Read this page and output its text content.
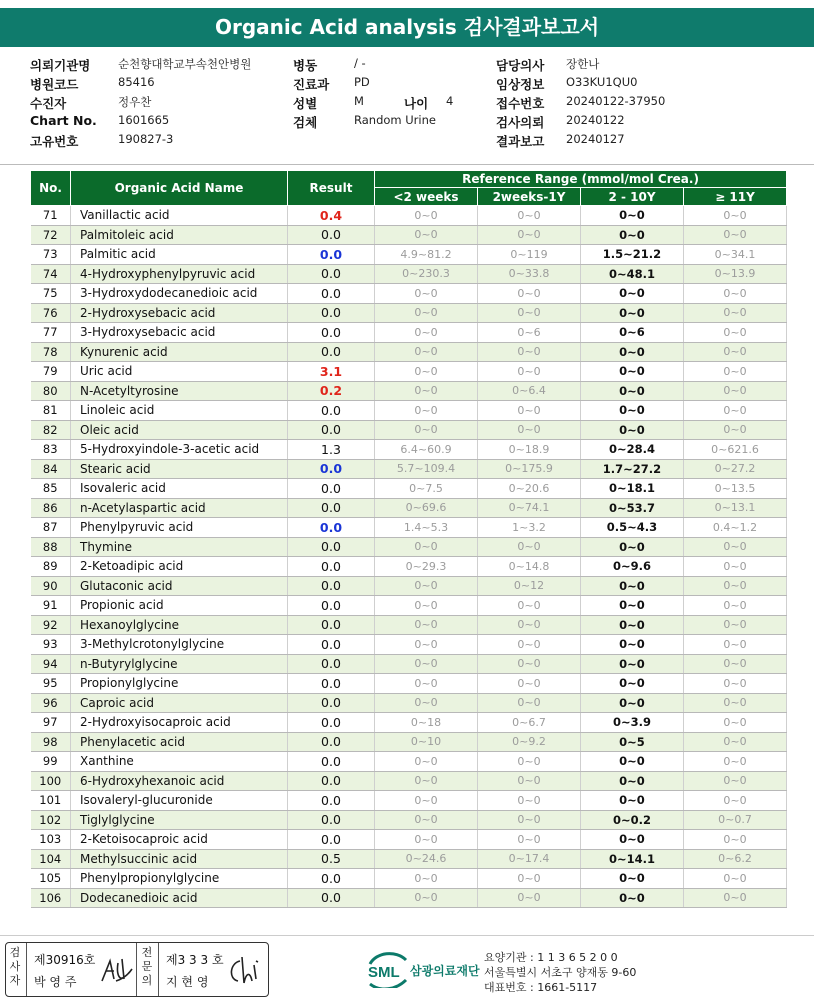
Organic Acid analysis 검사결과보고서
의뢰기관명 순천향대학교부속천안병원	병동	/ -	담당의사 장한나
병원코드	85416	진료과 PD	임상정보 O33KU1QU0
수진자	정우찬	성별	M	나이 4	접수번호 20240122-37950
Chart No. 1601665	검체	Random Urine	검사의뢰 20240122
고유번호	190827-3	결과보고 20240127
No.	Organic Acid Name	Result	Reference Range (mmol/mol Crea.)			
			<2 weeks	2weeks-1Y	2 - 10Y	≥ 11Y
71	Vanillactic acid	0.4	0~0	0~0	0~0	0~0
72	Palmitoleic acid	0.0	0~0	0~0	0~0	0~0
73	Palmitic acid	0.0	4.9~81.2	0~119	1.5~21.2	0~34.1
74	4-Hydroxyphenylpyruvic acid	0.0	0~230.3	0~33.8	0~48.1	0~13.9
75	3-Hydroxydodecanedioic acid	0.0	0~0	0~0	0~0	0~0
76	2-Hydroxysebacic acid	0.0	0~0	0~0	0~0	0~0
77	3-Hydroxysebacic acid	0.0	0~0	0~6	0~6	0~0
78	Kynurenic acid	0.0	0~0	0~0	0~0	0~0
79	Uric acid	3.1	0~0	0~0	0~0	0~0
80	N-Acetyltyrosine	0.2	0~0	0~6.4	0~0	0~0
81	Linoleic acid	0.0	0~0	0~0	0~0	0~0
82	Oleic acid	0.0	0~0	0~0	0~0	0~0
83	5-Hydroxyindole-3-acetic acid	1.3	6.4~60.9	0~18.9	0~28.4	0~621.6
84	Stearic acid	0.0	5.7~109.4	0~175.9	1.7~27.2	0~27.2
85	Isovaleric acid	0.0	0~7.5	0~20.6	0~18.1	0~13.5
86	n-Acetylaspartic acid	0.0	0~69.6	0~74.1	0~53.7	0~13.1
87	Phenylpyruvic acid	0.0	1.4~5.3	1~3.2	0.5~4.3	0.4~1.2
88	Thymine	0.0	0~0	0~0	0~0	0~0
89	2-Ketoadipic acid	0.0	0~29.3	0~14.8	0~9.6	0~0
90	Glutaconic acid	0.0	0~0	0~12	0~0	0~0
91	Propionic acid	0.0	0~0	0~0	0~0	0~0
92	Hexanoylglycine	0.0	0~0	0~0	0~0	0~0
93	3-Methylcrotonylglycine	0.0	0~0	0~0	0~0	0~0
94	n-Butyrylglycine	0.0	0~0	0~0	0~0	0~0
95	Propionylglycine	0.0	0~0	0~0	0~0	0~0
96	Caproic acid	0.0	0~0	0~0	0~0	0~0
97	2-Hydroxyisocaproic acid	0.0	0~18	0~6.7	0~3.9	0~0
98	Phenylacetic acid	0.0	0~10	0~9.2	0~5	0~0
99	Xanthine	0.0	0~0	0~0	0~0	0~0
100	6-Hydroxyhexanoic acid	0.0	0~0	0~0	0~0	0~0
101	Isovaleryl-glucuronide	0.0	0~0	0~0	0~0	0~0
102	Tiglylglycine	0.0	0~0	0~0	0~0.2	0~0.7
103	2-Ketoisocaproic acid	0.0	0~0	0~0	0~0	0~0
104	Methylsuccinic acid	0.5	0~24.6	0~17.4	0~14.1	0~6.2
105	Phenylpropionylglycine	0.0	0~0	0~0	0~0	0~0
106	Dodecanedioic acid	0.0	0~0	0~0	0~0	0~0
검사자
제30916호
박 영 주
전문의
제3 3 3 호
지 현 영
SML 삼광의료재단
요양기관 : 1 1 3 6 5 2 0 0
서울특별시 서초구 양재동 9-60
대표번호 : 1661-5117
